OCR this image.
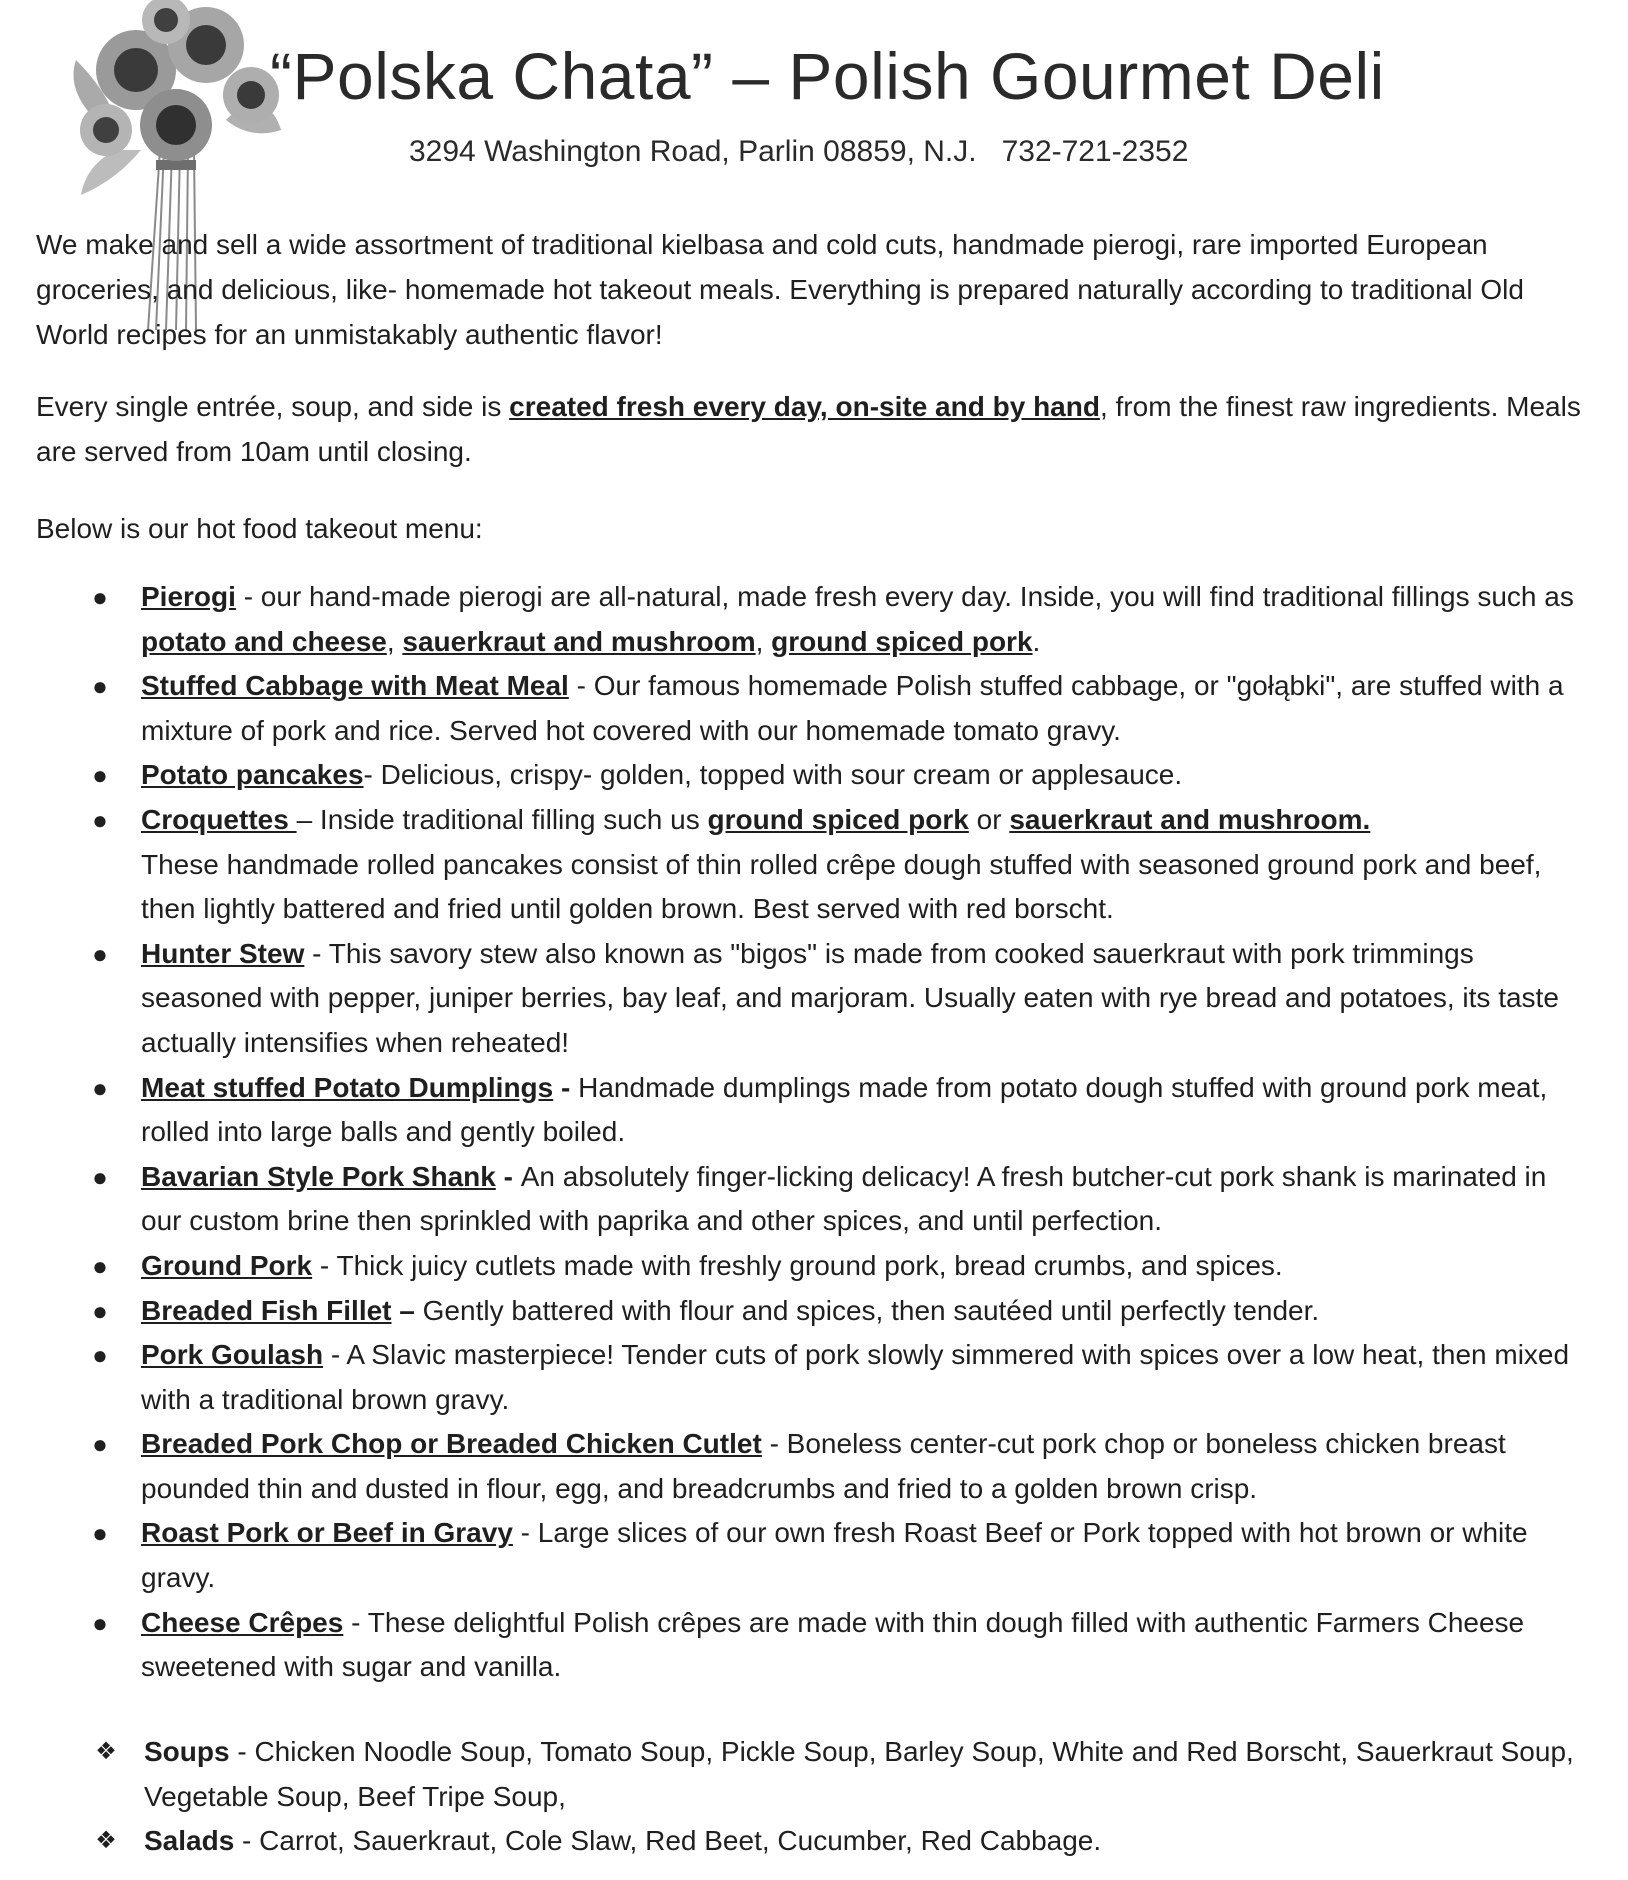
“Polska Chata” – Polish Gourmet Deli
3294 Washington Road, Parlin 08859, N.J.   732-721-2352

We make and sell a wide assortment of traditional kielbasa and cold cuts, handmade pierogi, rare imported European groceries, and delicious, like- homemade hot takeout meals. Everything is prepared naturally according to traditional Old World recipes for an unmistakably authentic flavor!

Every single entrée, soup, and side is created fresh every day, on-site and by hand, from the finest raw ingredients. Meals are served from 10am until closing.

Below is our hot food takeout menu:

● Pierogi - our hand-made pierogi are all-natural, made fresh every day. Inside, you will find traditional fillings such as potato and cheese, sauerkraut and mushroom, ground spiced pork.
● Stuffed Cabbage with Meat Meal - Our famous homemade Polish stuffed cabbage, or "gołąbki", are stuffed with a mixture of pork and rice. Served hot covered with our homemade tomato gravy.
● Potato pancakes- Delicious, crispy- golden, topped with sour cream or applesauce.
● Croquettes – Inside traditional filling such us ground spiced pork or sauerkraut and mushroom.
These handmade rolled pancakes consist of thin rolled crêpe dough stuffed with seasoned ground pork and beef, then lightly battered and fried until golden brown. Best served with red borscht.
● Hunter Stew - This savory stew also known as "bigos" is made from cooked sauerkraut with pork trimmings seasoned with pepper, juniper berries, bay leaf, and marjoram. Usually eaten with rye bread and potatoes, its taste actually intensifies when reheated!
● Meat stuffed Potato Dumplings - Handmade dumplings made from potato dough stuffed with ground pork meat, rolled into large balls and gently boiled.
● Bavarian Style Pork Shank - An absolutely finger-licking delicacy! A fresh butcher-cut pork shank is marinated in our custom brine then sprinkled with paprika and other spices, and until perfection.
● Ground Pork - Thick juicy cutlets made with freshly ground pork, bread crumbs, and spices.
● Breaded Fish Fillet – Gently battered with flour and spices, then sautéed until perfectly tender.
● Pork Goulash - A Slavic masterpiece! Tender cuts of pork slowly simmered with spices over a low heat, then mixed with a traditional brown gravy.
● Breaded Pork Chop or Breaded Chicken Cutlet - Boneless center-cut pork chop or boneless chicken breast pounded thin and dusted in flour, egg, and breadcrumbs and fried to a golden brown crisp.
● Roast Pork or Beef in Gravy - Large slices of our own fresh Roast Beef or Pork topped with hot brown or white gravy.
● Cheese Crêpes - These delightful Polish crêpes are made with thin dough filled with authentic Farmers Cheese sweetened with sugar and vanilla.
❖ Soups - Chicken Noodle Soup, Tomato Soup, Pickle Soup, Barley Soup, White and Red Borscht, Sauerkraut Soup, Vegetable Soup, Beef Tripe Soup,
❖ Salads - Carrot, Sauerkraut, Cole Slaw, Red Beet, Cucumber, Red Cabbage.
